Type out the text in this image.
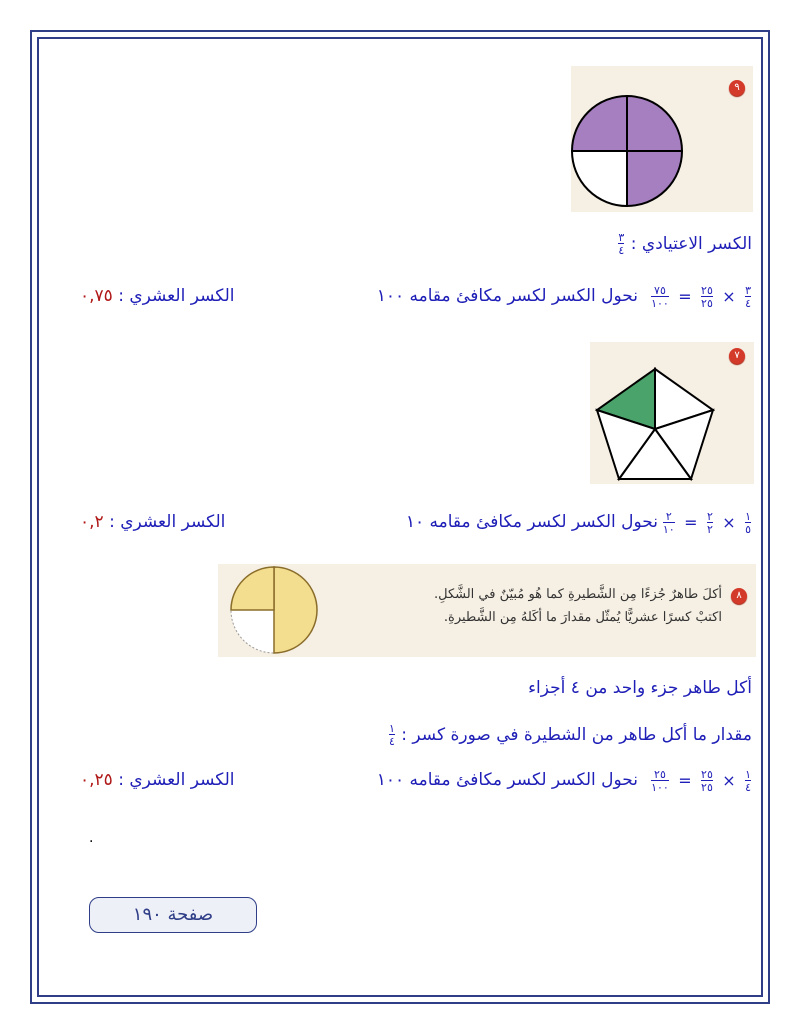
٩
الكسر الاعتيادي :
$\frac{٣}{٤}$
$\frac{٧٥}{١٠٠} = \frac{٢٥}{٢٥} \times \frac{٣}{٤}$
نحول الكسر لكسر مكافئ مقامه ١٠٠
الكسر العشري : ٠,٧٥
٧
$\frac{٢}{١٠} = \frac{٢}{٢} \times \frac{١}{٥}$
نحول الكسر لكسر مكافئ مقامه ١٠
الكسر العشري : ٠,٢
٨
أكلَ طاهرٌ جُزءًا مِن الشَّطيرةِ كما هُو مُبيّنٌ في الشَّكلِ.
اكتبْ كسرًا عشريًّا يُمثّل مقدارَ ما أكَلهُ مِن الشَّطيرةِ.
أكل طاهر جزء واحد من ٤ أجزاء
مقدار ما أكل طاهر من الشطيرة في صورة كسر :
$\frac{١}{٤}$
$\frac{٢٥}{١٠٠} = \frac{٢٥}{٢٥} \times \frac{١}{٤}$
نحول الكسر لكسر مكافئ مقامه ١٠٠
الكسر العشري : ٠,٢٥
.
صفحة ١٩٠
